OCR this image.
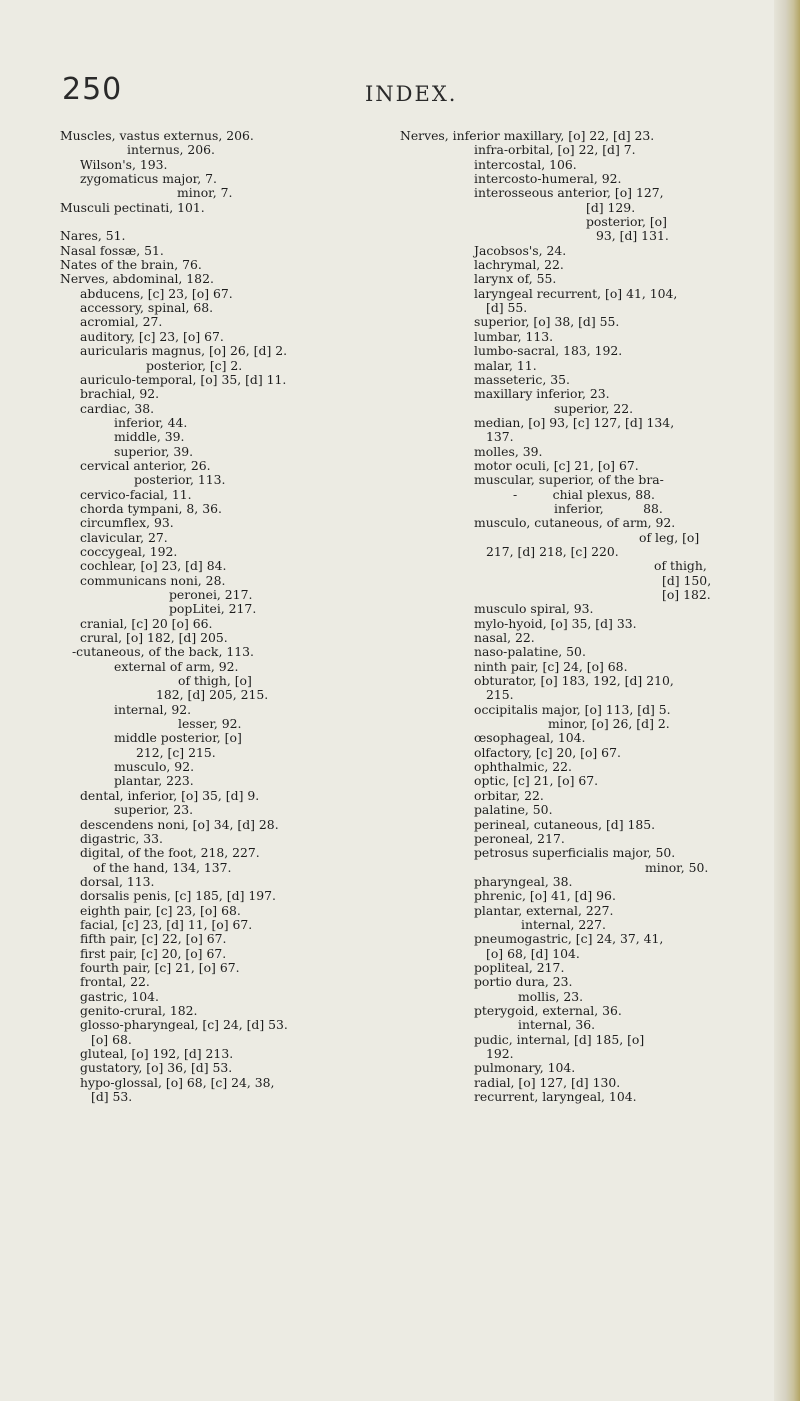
250	INDEX.
Muscles, vastus externus, 206.
internus, 206.
Wilson's, 193.
zygomaticus major, 7.
minor, 7.
Musculi pectinati, 101.
Nares, 51.
Nasal fossæ, 51.
Nates of the brain, 76.
Nerves, abdominal, 182.
abducens, [c] 23, [o] 67.
accessory, spinal, 68.
acromial, 27.
auditory, [c] 23, [o] 67.
auricularis magnus, [o] 26, [d] 2.
posterior, [c] 2.
auriculo-temporal, [o] 35, [d] 11.
brachial, 92.
cardiac, 38.
inferior, 44.
middle, 39.
superior, 39.
cervical anterior, 26.
posterior, 113.
cervico-facial, 11.
chorda tympani, 8, 36.
circumflex, 93.
clavicular, 27.
coccygeal, 192.
cochlear, [o] 23, [d] 84.
communicans noni, 28.
peronei, 217.
popLitei, 217.
cranial, [c] 20 [o] 66.
crural, [o] 182, [d] 205.
-cutaneous, of the back, 113.
external of arm, 92.
of thigh, [o]
182, [d] 205, 215.
internal, 92.
lesser, 92.
middle posterior, [o]
212, [c] 215.
musculo, 92.
plantar, 223.
dental, inferior, [o] 35, [d] 9.
superior, 23.
descendens noni, [o] 34, [d] 28.
digastric, 33.
digital, of the foot, 218, 227.
of the hand, 134, 137.
dorsal, 113.
dorsalis penis, [c] 185, [d] 197.
eighth pair, [c] 23, [o] 68.
facial, [c] 23, [d] 11, [o] 67.
fifth pair, [c] 22, [o] 67.
first pair, [c] 20, [o] 67.
fourth pair, [c] 21, [o] 67.
frontal, 22.
gastric, 104.
genito-crural, 182.
glosso-pharyngeal, [c] 24, [d] 53.
[o] 68.
gluteal, [o] 192, [d] 213.
gustatory, [o] 36, [d] 53.
hypo-glossal, [o] 68, [c] 24, 38,
[d] 53.
Nerves, inferior maxillary, [o] 22, [d] 23.
infra-orbital, [o] 22, [d] 7.
intercostal, 106.
intercosto-humeral, 92.
interosseous anterior, [o] 127,
[d] 129.
posterior, [o]
93, [d] 131.
Jacobsos's, 24.
lachrymal, 22.
larynx of, 55.
laryngeal recurrent, [o] 41, 104,
[d] 55.
superior, [o] 38, [d] 55.
lumbar, 113.
lumbo-sacral, 183, 192.
malar, 11.
masseteric, 35.
maxillary inferior, 23.
superior, 22.
median, [o] 93, [c] 127, [d] 134,
137.
molles, 39.
motor oculi, [c] 21, [o] 67.
muscular, superior, of the bra-
-         chial plexus, 88.
inferior,          88.
musculo, cutaneous, of arm, 92.
of leg, [o]
217, [d] 218, [c] 220.
of thigh,
[d] 150,
[o] 182.
musculo spiral, 93.
mylo-hyoid, [o] 35, [d] 33.
nasal, 22.
naso-palatine, 50.
ninth pair, [c] 24, [o] 68.
obturator, [o] 183, 192, [d] 210,
215.
occipitalis major, [o] 113, [d] 5.
minor, [o] 26, [d] 2.
œsophageal, 104.
olfactory, [c] 20, [o] 67.
ophthalmic, 22.
optic, [c] 21, [o] 67.
orbitar, 22.
palatine, 50.
perineal, cutaneous, [d] 185.
peroneal, 217.
petrosus superficialis major, 50.
minor, 50.
pharyngeal, 38.
phrenic, [o] 41, [d] 96.
plantar, external, 227.
internal, 227.
pneumogastric, [c] 24, 37, 41,
[o] 68, [d] 104.
popliteal, 217.
portio dura, 23.
mollis, 23.
pterygoid, external, 36.
internal, 36.
pudic, internal, [d] 185, [o]
192.
pulmonary, 104.
radial, [o] 127, [d] 130.
recurrent, laryngeal, 104.
